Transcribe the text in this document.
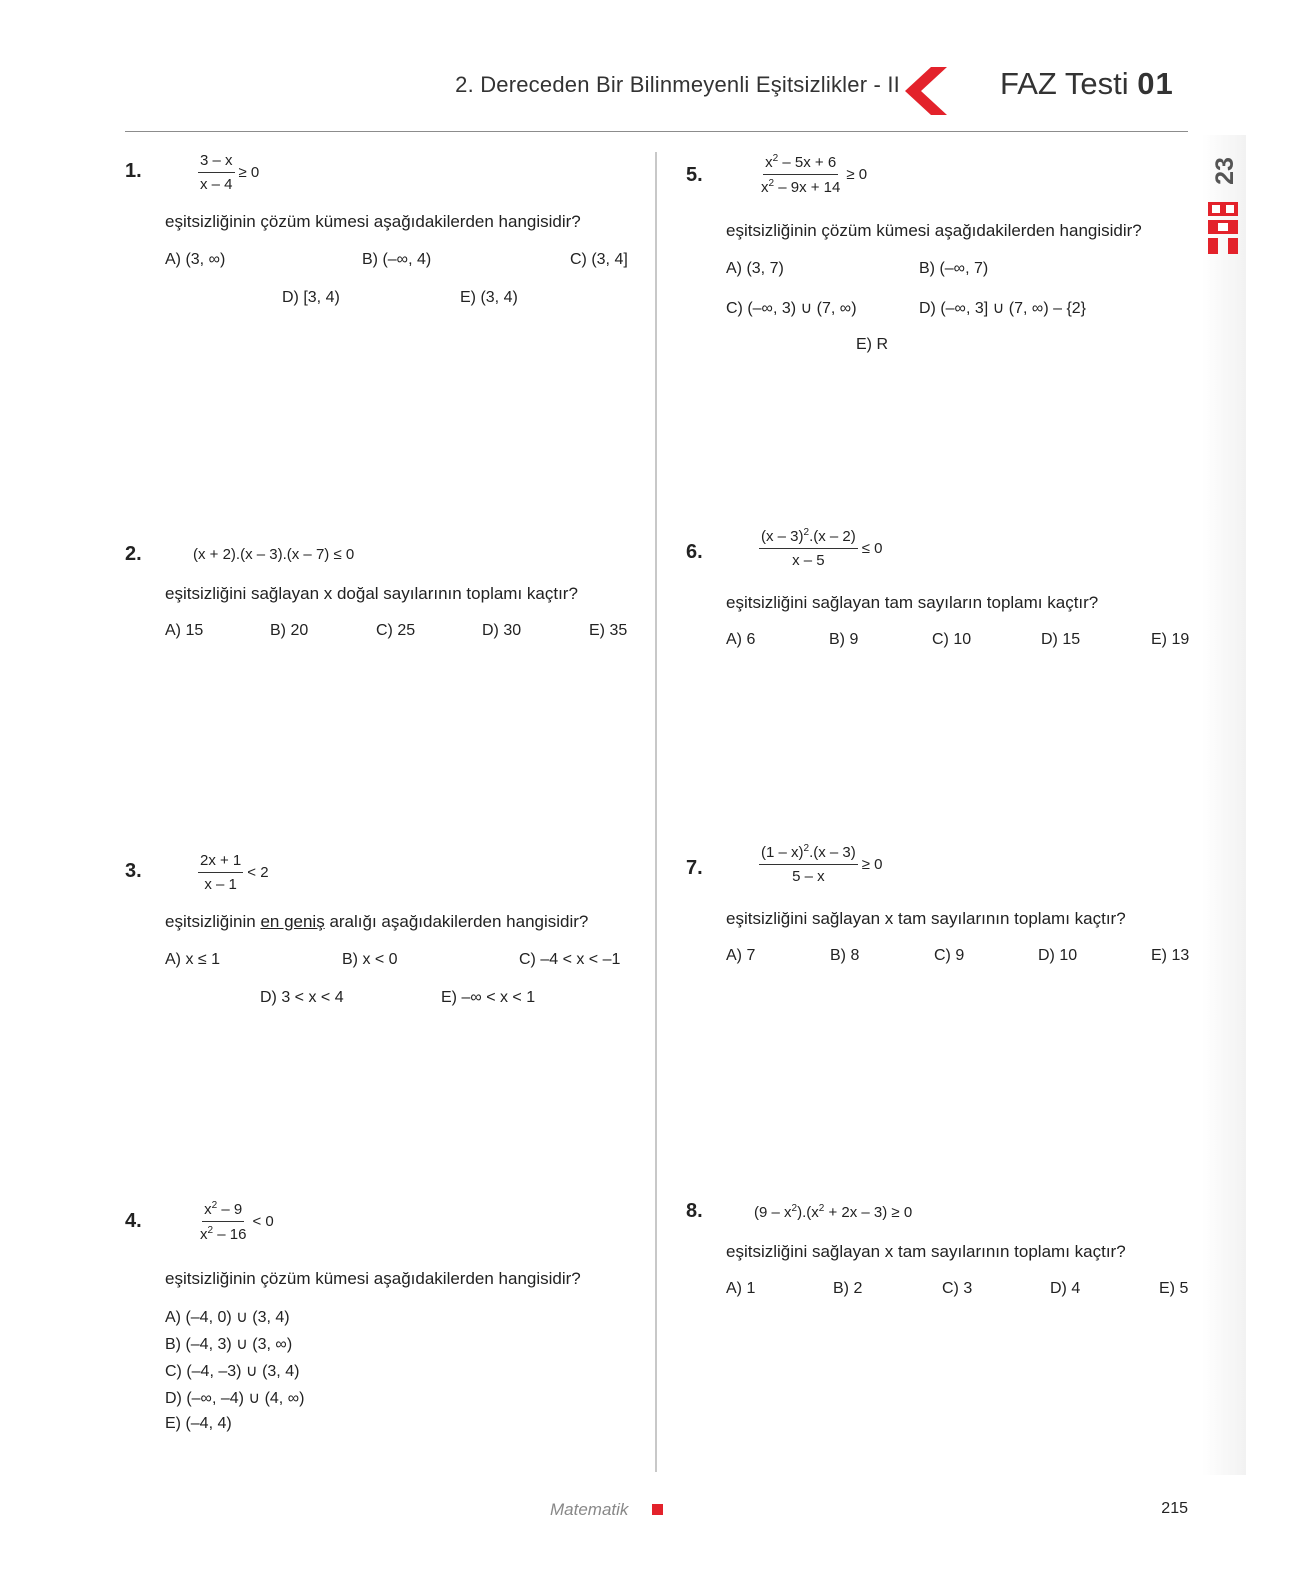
2. Dereceden Bir Bilinmeyenli Eşitsizlikler - II	FAZ Testi 01
23
1.	$\frac{3 - x}{x - 4} \ge 0$
eşitsizliğinin çözüm kümesi aşağıdakilerden hangisidir?
A) (3, ∞)	B) (–∞, 4)	C) (3, 4]
D) [3, 4)	E) (3, 4)
2.	(x + 2).(x – 3).(x – 7) ≤ 0
eşitsizliğini sağlayan x doğal sayılarının toplamı kaçtır?
A) 15	B) 20	C) 25	D) 30	E) 35
3.	$\frac{2x + 1}{x - 1} < 2$
eşitsizliğinin en geniş aralığı aşağıdakilerden hangisidir?
A) x ≤ 1	B) x < 0	C) –4 < x < –1
D) 3 < x < 4	E) –∞ < x < 1
4.	$\frac{x^2 - 9}{x^2 - 16} < 0$
eşitsizliğinin çözüm kümesi aşağıdakilerden hangisidir?
A) (–4, 0) ∪ (3, 4)
B) (–4, 3) ∪ (3, ∞)
C) (–4, –3) ∪ (3, 4)
D) (–∞, –4) ∪ (4, ∞)
E) (–4, 4)
5.	$\frac{x^2 - 5x + 6}{x^2 - 9x + 14} \ge 0$
eşitsizliğinin çözüm kümesi aşağıdakilerden hangisidir?
A) (3, 7)	B) (–∞, 7)
C) (–∞, 3) ∪ (7, ∞)	D) (–∞, 3] ∪ (7, ∞) – {2}
E) R
6.	$\frac{(x - 3)^2.(x - 2)}{x - 5} \le 0$
eşitsizliğini sağlayan tam sayıların toplamı kaçtır?
A) 6	B) 9	C) 10	D) 15	E) 19
7.	$\frac{(1 - x)^2.(x - 3)}{5 - x} \ge 0$
eşitsizliğini sağlayan x tam sayılarının toplamı kaçtır?
A) 7	B) 8	C) 9	D) 10	E) 13
8.	$(9 - x^2).(x^2 + 2x - 3) \ge 0$
eşitsizliğini sağlayan x tam sayılarının toplamı kaçtır?
A) 1	B) 2	C) 3	D) 4	E) 5
Matematik	215
